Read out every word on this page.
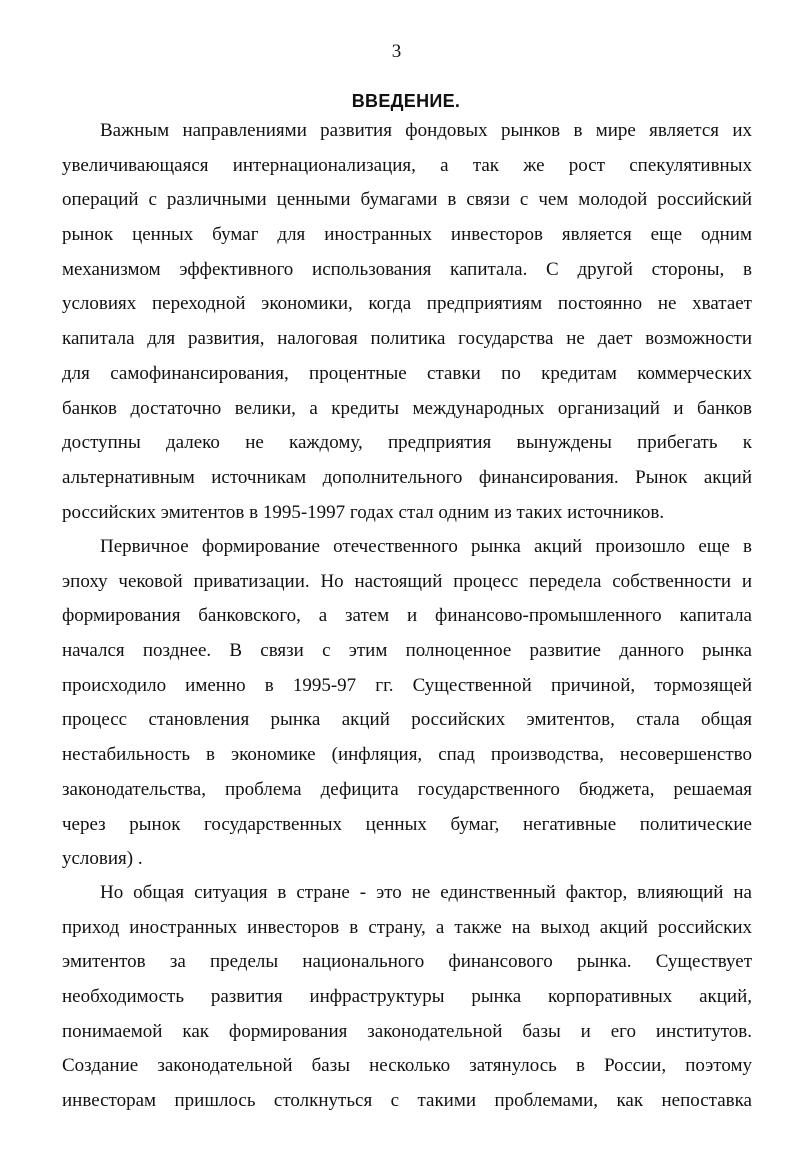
3
ВВЕДЕНИЕ.
Важным направлениями развития фондовых рынков в мире является их
увеличивающаяся интернационализация, а так же рост спекулятивных
операций с различными ценными бумагами в связи с чем молодой российский
рынок ценных бумаг для иностранных инвесторов является еще одним
механизмом эффективного использования капитала. С другой стороны, в
условиях переходной экономики, когда предприятиям постоянно не хватает
капитала для развития, налоговая политика государства не дает возможности
для самофинансирования, процентные ставки по кредитам коммерческих
банков достаточно велики, а кредиты международных организаций и банков
доступны далеко не каждому, предприятия вынуждены прибегать к
альтернативным источникам дополнительного финансирования. Рынок акций
российских эмитентов в 1995-1997 годах стал одним из таких источников.
Первичное формирование отечественного рынка акций произошло еще в
эпоху чековой приватизации. Но настоящий процесс передела собственности и
формирования банковского, а затем и финансово-промышленного капитала
начался позднее. В связи с этим полноценное развитие данного рынка
происходило именно в 1995-97 гг. Существенной причиной, тормозящей
процесс становления рынка акций российских эмитентов, стала общая
нестабильность в экономике (инфляция, спад производства, несовершенство
законодательства, проблема дефицита государственного бюджета, решаемая
через рынок государственных ценных бумаг, негативные политические
условия) .
Но общая ситуация в стране - это не единственный фактор, влияющий на
приход иностранных инвесторов в страну, а также на выход акций российских
эмитентов за пределы национального финансового рынка. Существует
необходимость развития инфраструктуры рынка корпоративных акций,
понимаемой как формирования законодательной базы и его институтов.
Создание законодательной базы несколько затянулось в России, поэтому
инвесторам пришлось столкнуться с такими проблемами, как непоставка
